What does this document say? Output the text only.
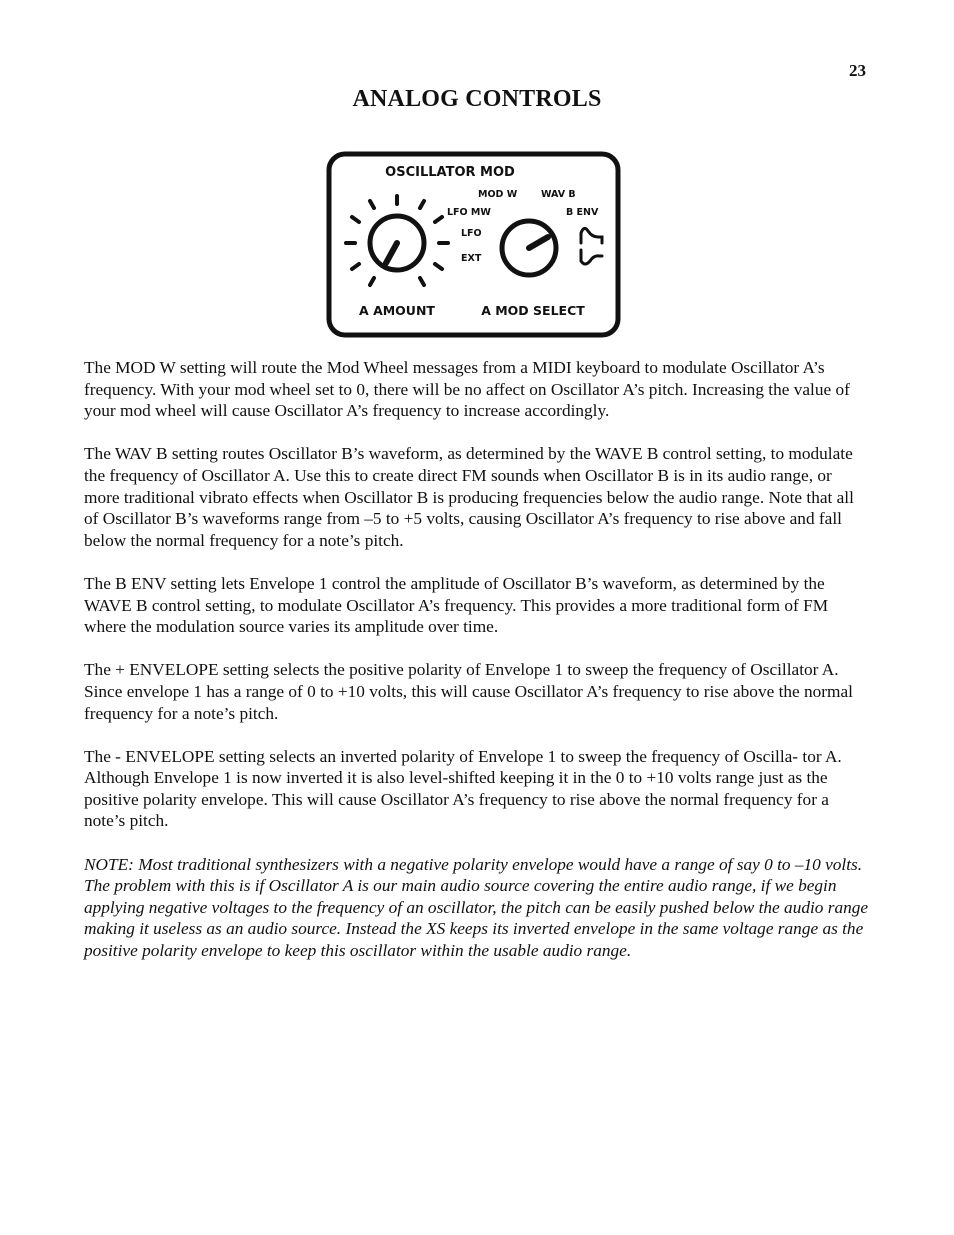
23
ANALOG CONTROLS
OSCILLATOR MOD
A AMOUNT
MOD W	WAV B
LFO MW	B ENV
LFO
EXT
A MOD SELECT

The MOD W setting will route the Mod Wheel messages from a MIDI keyboard to modulate Oscillator A’s frequency. With your mod wheel set to 0, there will be no affect on Oscillator A’s pitch. Increasing the value of your mod wheel will cause Oscillator A’s frequency to increase accordingly.

The WAV B setting routes Oscillator B’s waveform, as determined by the WAVE B control setting, to modulate the frequency of Oscillator A. Use this to create direct FM sounds when Oscillator B is in its audio range, or more traditional vibrato effects when Oscillator B is producing frequencies below the audio range. Note that all of Oscillator B’s waveforms range from –5 to +5 volts, causing Oscillator A’s frequency to rise above and fall below the normal frequency for a note’s pitch.

The B ENV setting lets Envelope 1 control the amplitude of Oscillator B’s waveform, as determined by the WAVE B control setting, to modulate Oscillator A’s frequency. This provides a more traditional form of FM where the modulation source varies its amplitude over time.

The + ENVELOPE setting selects the positive polarity of Envelope 1 to sweep the frequency of Oscillator A. Since envelope 1 has a range of 0 to +10 volts, this will cause Oscillator A’s frequency to rise above the normal frequency for a note’s pitch.

The - ENVELOPE setting selects an inverted polarity of Envelope 1 to sweep the frequency of Oscilla- tor A. Although Envelope 1 is now inverted it is also level-shifted keeping it in the 0 to +10 volts range just as the positive polarity envelope. This will cause Oscillator A’s frequency to rise above the normal frequency for a note’s pitch.

NOTE: Most traditional synthesizers with a negative polarity envelope would have a range of say 0 to –10 volts. The problem with this is if Oscillator A is our main audio source covering the entire audio range, if we begin applying negative voltages to the frequency of an oscillator, the pitch can be easily pushed below the audio range making it useless as an audio source. Instead the XS keeps its inverted envelope in the same voltage range as the positive polarity envelope to keep this oscillator within the usable audio range.
